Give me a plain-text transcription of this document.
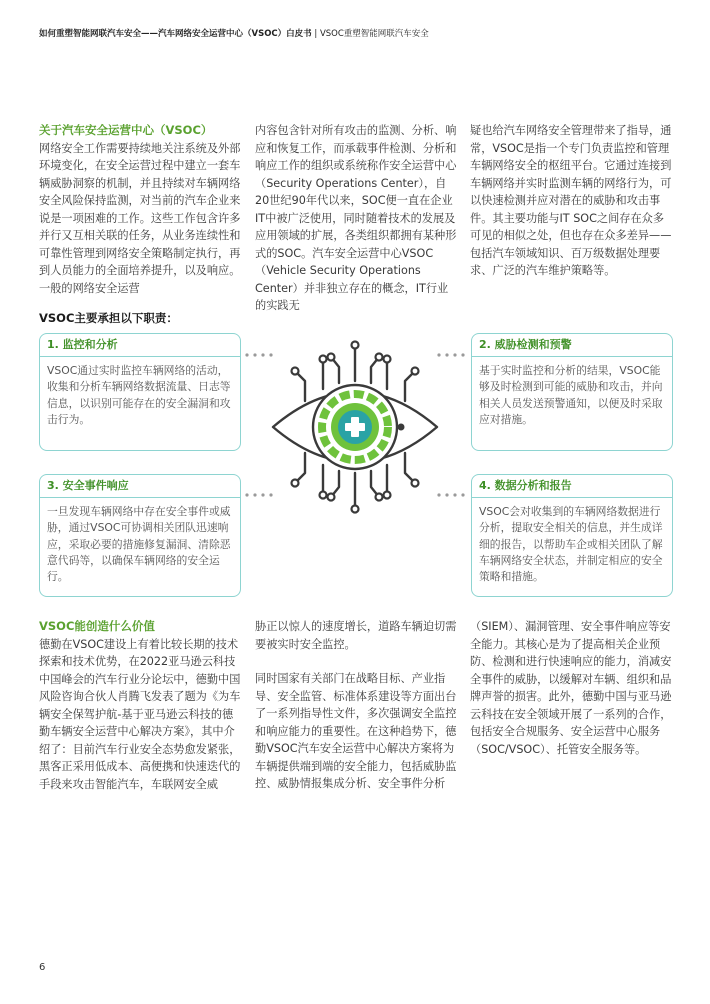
如何重塑智能网联汽车安全——汽车网络安全运营中心（VSOC）白皮书 | VSOC重塑智能网联汽车安全
关于汽车安全运营中心（VSOC）

网络安全工作需要持续地关注系统及外部环境变化，在安全运营过程中建立一套车辆威胁洞察的机制，并且持续对车辆网络安全风险保持监测，对当前的汽车企业来说是一项困难的工作。这些工作包含许多并行又互相关联的任务，从业务连续性和可靠性管理到网络安全策略制定执行，再到人员能力的全面培养提升，以及响应。一般的网络安全运营

内容包含针对所有攻击的监测、分析、响应和恢复工作，而承载事件检测、分析和响应工作的组织或系统称作安全运营中心（Security Operations Center），自20世纪90年代以来，SOC便一直在企业IT中被广泛使用，同时随着技术的发展及应用领域的扩展，各类组织都拥有某种形式的SOC。汽车安全运营中心VSOC（Vehicle Security Operations Center）并非独立存在的概念，IT行业的实践无

疑也给汽车网络安全管理带来了指导，通常，VSOC是指一个专门负责监控和管理车辆网络安全的枢纽平台。它通过连接到车辆网络并实时监测车辆的网络行为，可以快速检测并应对潜在的威胁和攻击事件。其主要功能与IT SOC之间存在众多可见的相似之处，但也存在众多差异——包括汽车领域知识、百万级数据处理要求、广泛的汽车维护策略等。

VSOC主要承担以下职责：
1. 监控和分析
VSOC通过实时监控车辆网络的活动，收集和分析车辆网络数据流量、日志等信息，以识别可能存在的安全漏洞和攻击行为。
2. 威胁检测和预警
基于实时监控和分析的结果，VSOC能够及时检测到可能的威胁和攻击，并向相关人员发送预警通知，以便及时采取应对措施。
3. 安全事件响应
一旦发现车辆网络中存在安全事件或威胁，通过VSOC可协调相关团队迅速响应，采取必要的措施修复漏洞、清除恶意代码等，以确保车辆网络的安全运行。
4. 数据分析和报告
VSOC会对收集到的车辆网络数据进行分析，提取安全相关的信息，并生成详细的报告，以帮助车企或相关团队了解车辆网络安全状态，并制定相应的安全策略和措施。
VSOC能创造什么价值

德勤在VSOC建设上有着比较长期的技术探索和技术优势，在2022亚马逊云科技中国峰会的汽车行业分论坛中，德勤中国风险咨询合伙人肖腾飞发表了题为《为车辆安全保驾护航-基于亚马逊云科技的德勤车辆安全运营中心解决方案》，其中介绍了：目前汽车行业安全态势愈发紧张，黑客正采用低成本、高便携和快速迭代的手段来攻击智能汽车，车联网安全威

胁正以惊人的速度增长，道路车辆迫切需要被实时安全监控。

同时国家有关部门在战略目标、产业指导、安全监管、标准体系建设等方面出台了一系列指导性文件，多次强调安全监控和响应能力的重要性。在这种趋势下，德勤VSOC汽车安全运营中心解决方案将为车辆提供端到端的安全能力，包括威胁监控、威胁情报集成分析、安全事件分析

（SIEM）、漏洞管理、安全事件响应等安全能力。其核心是为了提高相关企业预防、检测和进行快速响应的能力，消减安全事件的威胁，以缓解对车辆、组织和品牌声誉的损害。此外，德勤中国与亚马逊云科技在安全领域开展了一系列的合作，包括安全合规服务、安全运营中心服务（SOC/VSOC）、托管安全服务等。

6
